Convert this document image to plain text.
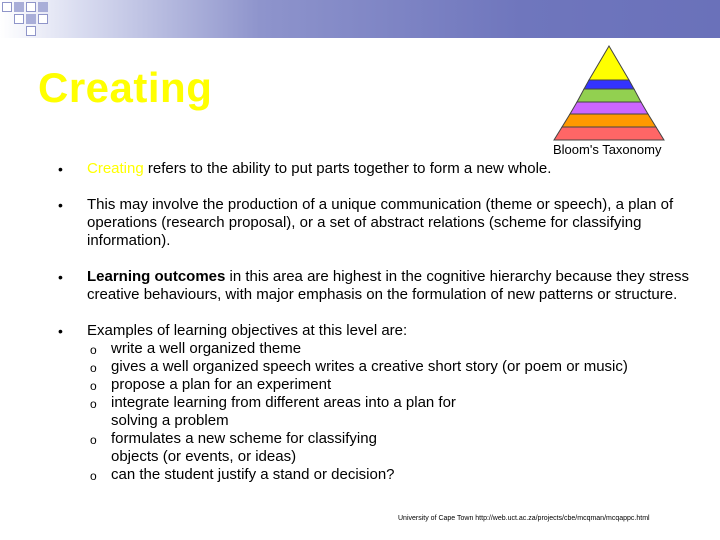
Creating
Bloom's Taxonomy
• Creating refers to the ability to put parts together to form a new whole.
• This may involve the production of a unique communication (theme or speech), a plan of operations (research proposal), or a set of abstract relations (scheme for classifying information).
• Learning outcomes in this area are highest in the cognitive hierarchy because they stress creative behaviours, with major emphasis on the formulation of new patterns or structure.
• Examples of learning objectives at this level are:
o write a well organized theme
o gives a well organized speech writes a creative short story (or poem or music)
o propose a plan for an experiment
o integrate learning from different areas into a plan for solving a problem
o formulates a new scheme for classifying objects (or events, or ideas)
o can the student justify a stand or decision?
University of Cape Town http://web.uct.ac.za/projects/cbe/mcqman/mcqappc.html
